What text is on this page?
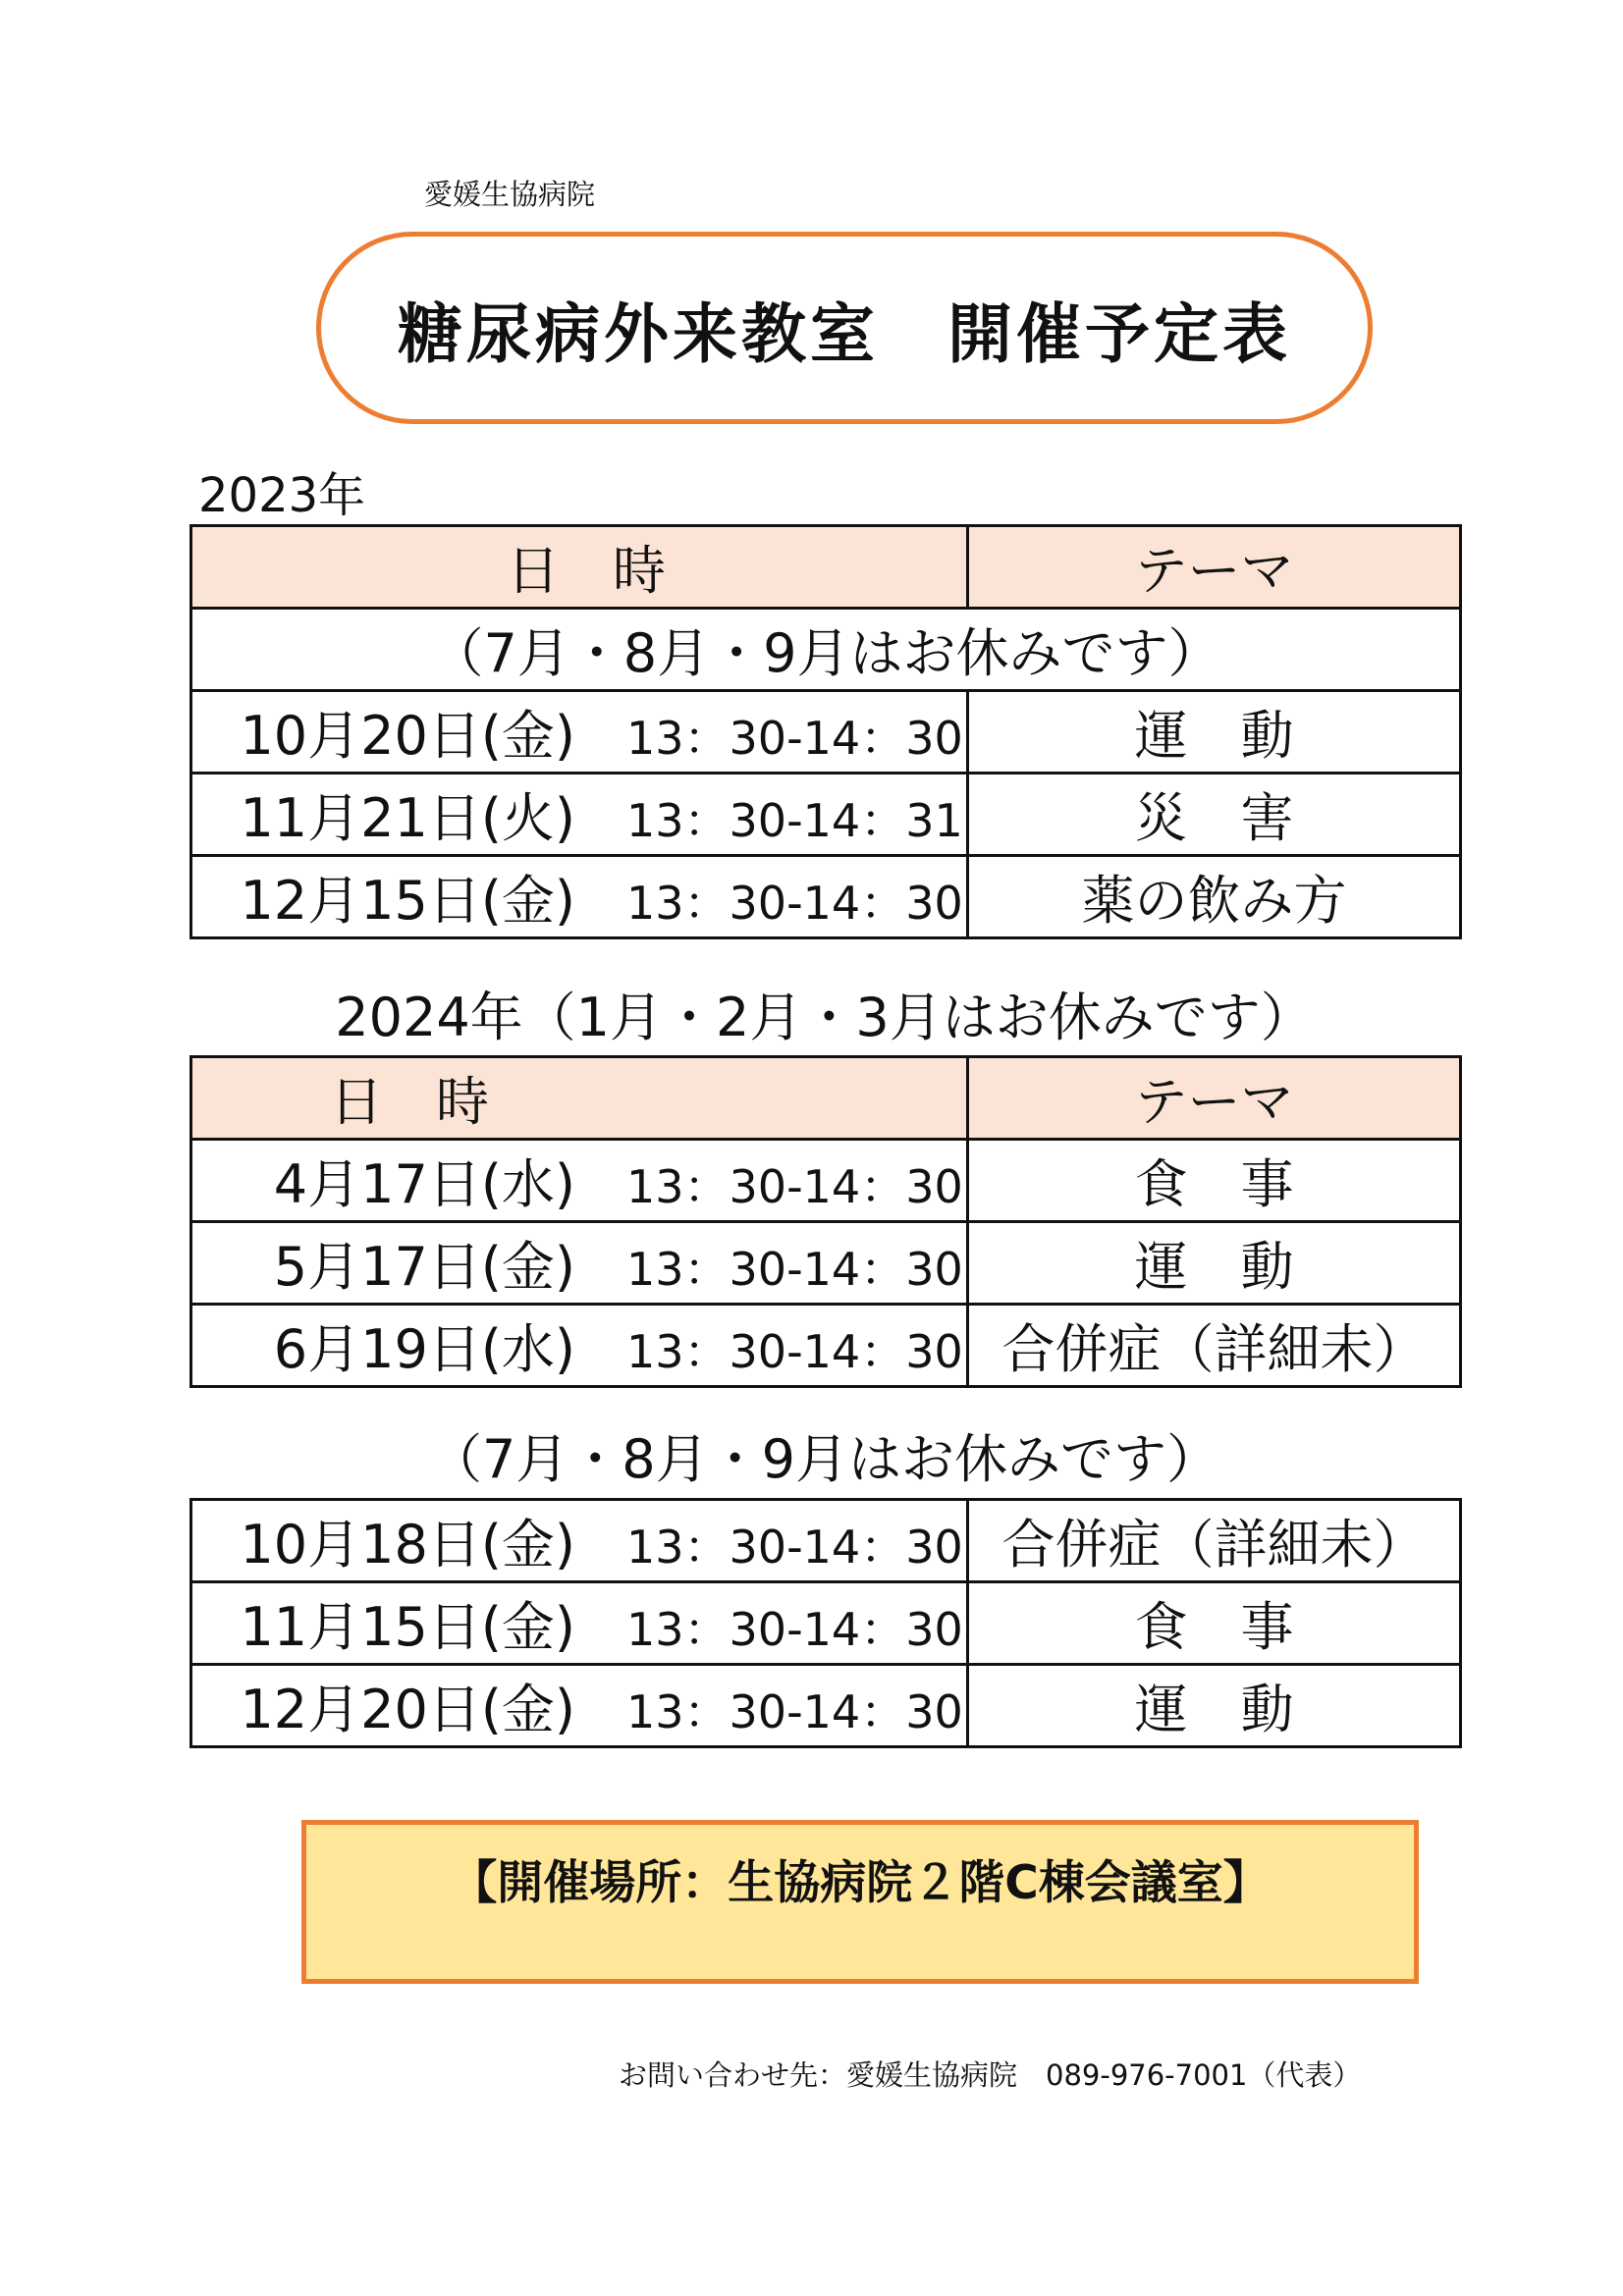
愛媛生協病院
糖尿病外来教室　開催予定表
2023年
日　時	テーマ
（7月・8月・9月はお休みです）	
10月20日(金) 13：30-14：30	運　動
11月21日(火) 13：30-14：31	災　害
12月15日(金) 13：30-14：30	薬の飲み方
2024年（1月・2月・3月はお休みです）
日　時	テーマ
4月17日(水) 13：30-14：30	食　事
5月17日(金) 13：30-14：30	運　動
6月19日(水) 13：30-14：30	合併症（詳細未）
（7月・8月・9月はお休みです）
10月18日(金) 13：30-14：30	合併症（詳細未）
11月15日(金) 13：30-14：30	食　事
12月20日(金) 13：30-14：30	運　動
【開催場所：生協病院２階C棟会議室】
お問い合わせ先：愛媛生協病院　089-976-7001（代表）
